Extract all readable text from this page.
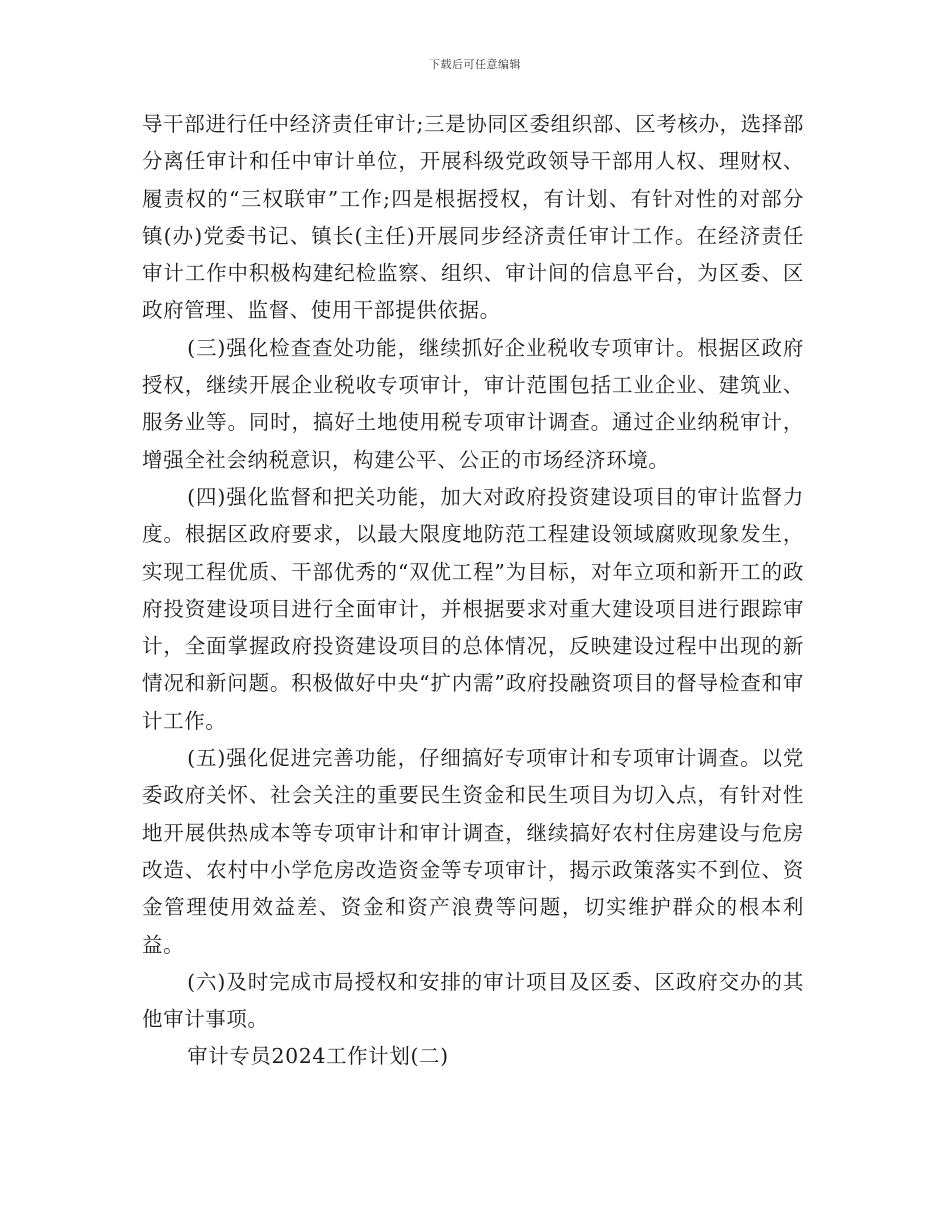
下载后可任意编辑

导干部进行任中经济责任审计;三是协同区委组织部、区考核办，选择部分离任审计和任中审计单位，开展科级党政领导干部用人权、理财权、履责权的“三权联审”工作;四是根据授权，有计划、有针对性的对部分镇(办)党委书记、镇长(主任)开展同步经济责任审计工作。在经济责任审计工作中积极构建纪检监察、组织、审计间的信息平台，为区委、区政府管理、监督、使用干部提供依据。

(三)强化检查查处功能，继续抓好企业税收专项审计。根据区政府授权，继续开展企业税收专项审计，审计范围包括工业企业、建筑业、服务业等。同时，搞好土地使用税专项审计调查。通过企业纳税审计，增强全社会纳税意识，构建公平、公正的市场经济环境。

(四)强化监督和把关功能，加大对政府投资建设项目的审计监督力度。根据区政府要求，以最大限度地防范工程建设领域腐败现象发生，实现工程优质、干部优秀的“双优工程”为目标，对年立项和新开工的政府投资建设项目进行全面审计，并根据要求对重大建设项目进行跟踪审计，全面掌握政府投资建设项目的总体情况，反映建设过程中出现的新情况和新问题。积极做好中央“扩内需”政府投融资项目的督导检查和审计工作。

(五)强化促进完善功能，仔细搞好专项审计和专项审计调查。以党委政府关怀、社会关注的重要民生资金和民生项目为切入点，有针对性地开展供热成本等专项审计和审计调查，继续搞好农村住房建设与危房改造、农村中小学危房改造资金等专项审计，揭示政策落实不到位、资金管理使用效益差、资金和资产浪费等问题，切实维护群众的根本利益。

(六)及时完成市局授权和安排的审计项目及区委、区政府交办的其他审计事项。

审计专员2024工作计划(二)
